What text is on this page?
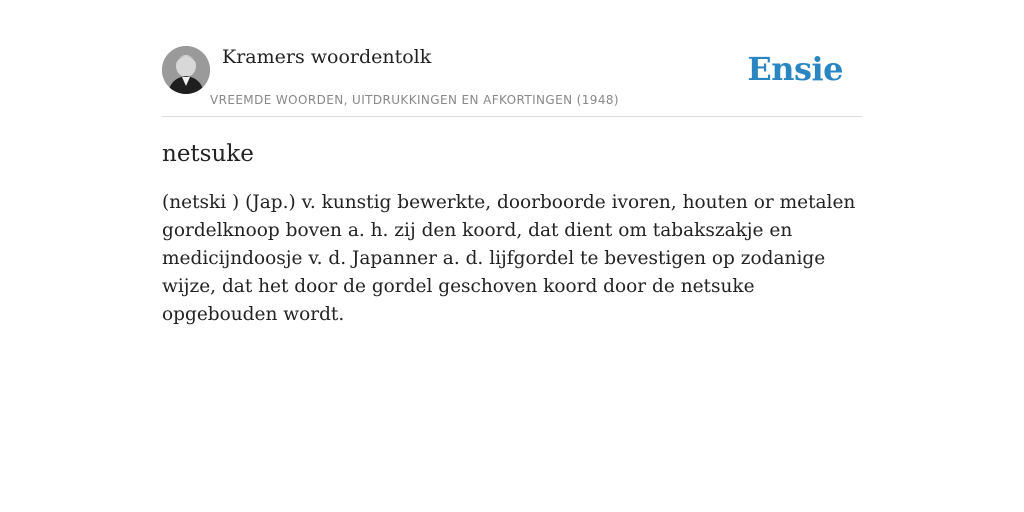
Kramers woordentolk
VREEMDE WOORDEN, UITDRUKKINGEN EN AFKORTINGEN (1948)
Ensie
netsuke

(netski ) (Jap.) v. kunstig bewerkte, doorboorde ivoren, houten or metalen gordelknoop boven a. h. zij den koord, dat dient om tabakszakje en medicijndoosje v. d. Japanner a. d. lijfgordel te bevestigen op zodanige wijze, dat het door de gordel geschoven koord door de netsuke opgebouden wordt.
